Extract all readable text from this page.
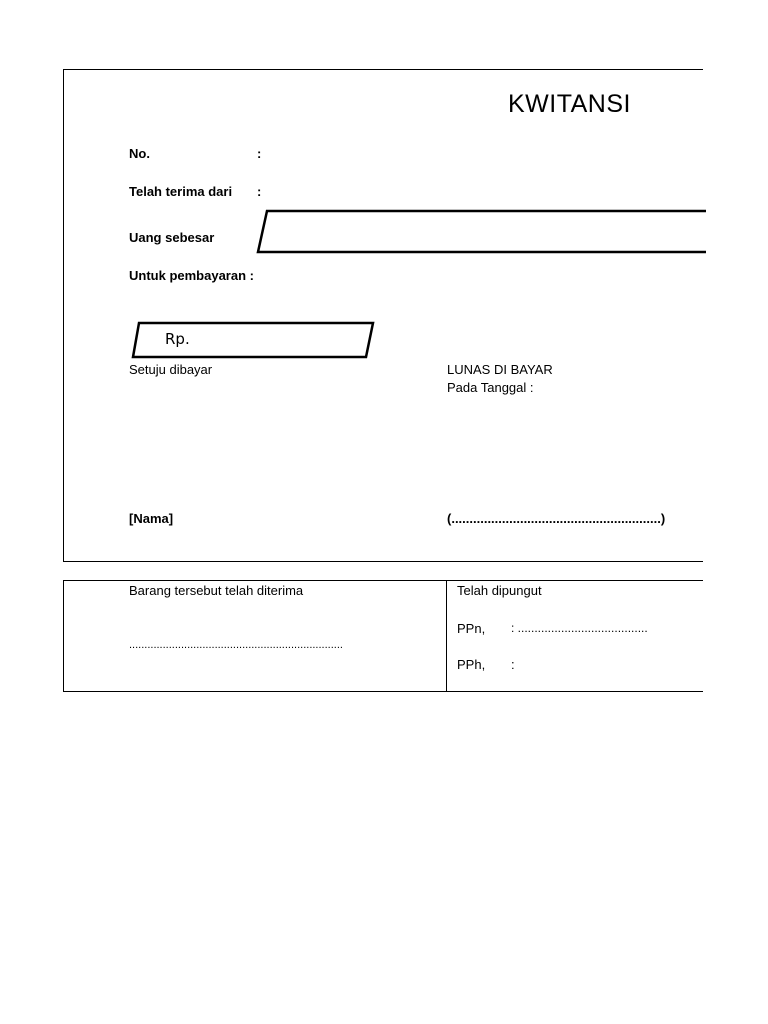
KWITANSI
No.	:
Telah terima dari :
Uang sebesar
Untuk pembayaran :
Rp.
Setuju dibayar	LUNAS DI BAYAR
Pada Tanggal :
[Nama]	(..........................................................)
Barang tersebut telah diterima
......................................................................
Telah dipungut
PPn, : .......................................
PPh, :
